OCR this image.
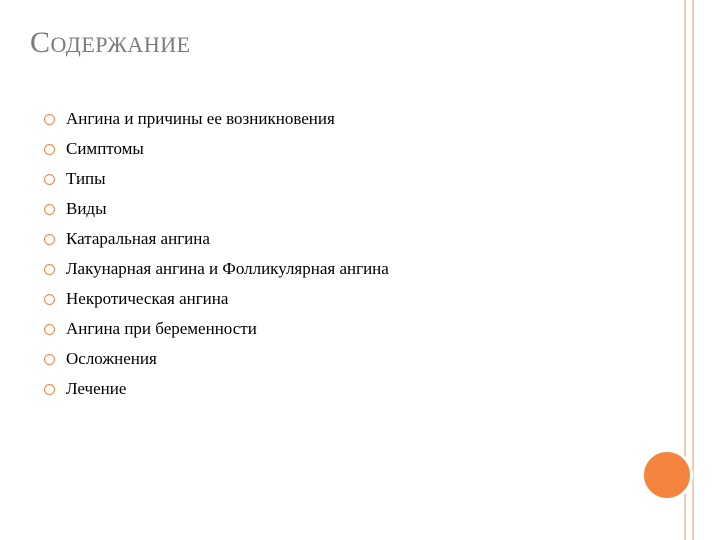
СОДЕРЖАНИЕ
Ангина и причины ее возникновения
Симптомы
Типы
Виды
Катаральная ангина
Лакунарная ангина и Фолликулярная ангина
Некротическая ангина
Ангина при беременности
Осложнения
Лечение
